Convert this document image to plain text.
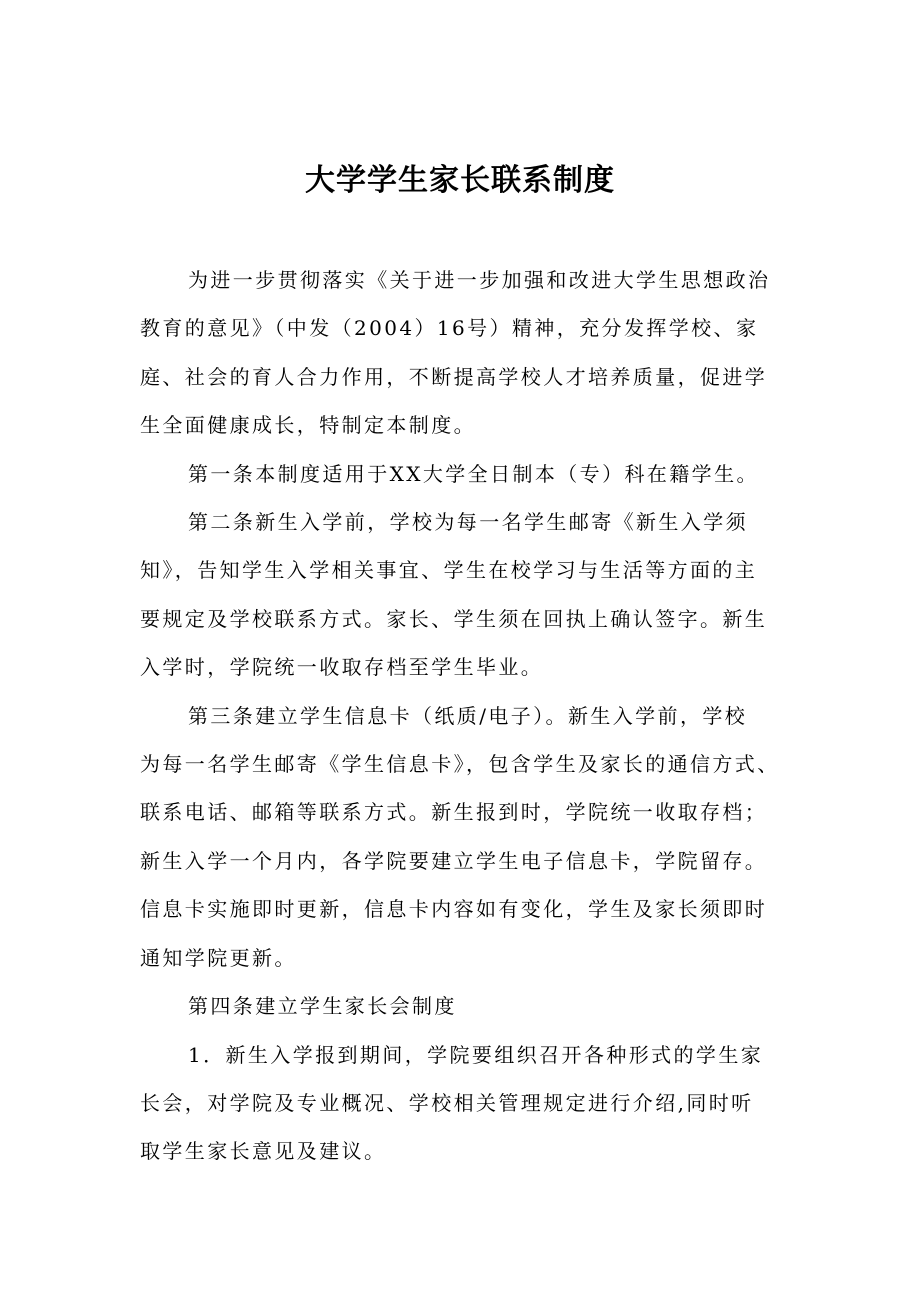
大学学生家长联系制度
为进一步贯彻落实《关于进一步加强和改进大学生思想政治
教育的意见》（中发（2004）16号）精神，充分发挥学校、家
庭、社会的育人合力作用，不断提高学校人才培养质量，促进学
生全面健康成长，特制定本制度。
第一条本制度适用于XX大学全日制本（专）科在籍学生。
第二条新生入学前，学校为每一名学生邮寄《新生入学须
知》，告知学生入学相关事宜、学生在校学习与生活等方面的主
要规定及学校联系方式。家长、学生须在回执上确认签字。新生
入学时，学院统一收取存档至学生毕业。
第三条建立学生信息卡（纸质/电子）。新生入学前，学校
为每一名学生邮寄《学生信息卡》，包含学生及家长的通信方式、
联系电话、邮箱等联系方式。新生报到时，学院统一收取存档；
新生入学一个月内，各学院要建立学生电子信息卡，学院留存。
信息卡实施即时更新，信息卡内容如有变化，学生及家长须即时
通知学院更新。
第四条建立学生家长会制度
1．新生入学报到期间，学院要组织召开各种形式的学生家
长会，对学院及专业概况、学校相关管理规定进行介绍,同时听
取学生家长意见及建议。
